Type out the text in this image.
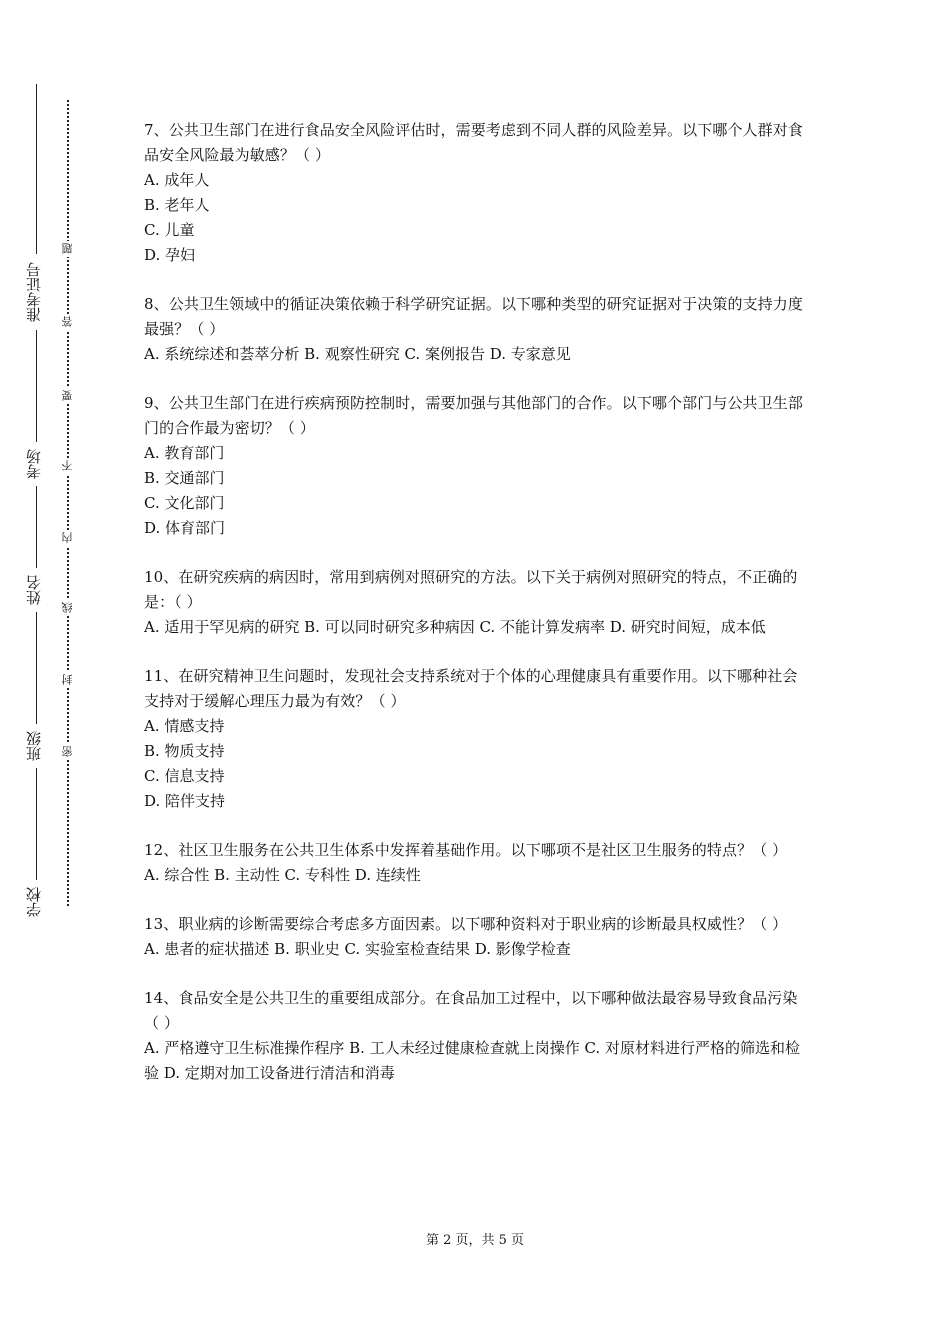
准考证号
考场
姓名
班级
学校
题
答
要
不
内
线
封
密

7、公共卫生部门在进行食品安全风险评估时，需要考虑到不同人群的风险差异。以下哪个人群对食品安全风险最为敏感？（ ）

A. 成年人

B. 老年人

C. 儿童

D. 孕妇

8、公共卫生领域中的循证决策依赖于科学研究证据。以下哪种类型的研究证据对于决策的支持力度最强？（ ）

A. 系统综述和荟萃分析 B. 观察性研究 C. 案例报告 D. 专家意见

9、公共卫生部门在进行疾病预防控制时，需要加强与其他部门的合作。以下哪个部门与公共卫生部门的合作最为密切？（ ）

A. 教育部门

B. 交通部门

C. 文化部门

D. 体育部门

10、在研究疾病的病因时，常用到病例对照研究的方法。以下关于病例对照研究的特点，不正确的是：（ ）

A. 适用于罕见病的研究 B. 可以同时研究多种病因 C. 不能计算发病率 D. 研究时间短，成本低

11、在研究精神卫生问题时，发现社会支持系统对于个体的心理健康具有重要作用。以下哪种社会支持对于缓解心理压力最为有效？（ ）

A. 情感支持

B. 物质支持

C. 信息支持

D. 陪伴支持

12、社区卫生服务在公共卫生体系中发挥着基础作用。以下哪项不是社区卫生服务的特点？（ ）

A. 综合性 B. 主动性 C. 专科性 D. 连续性

13、职业病的诊断需要综合考虑多方面因素。以下哪种资料对于职业病的诊断最具权威性？（ ）

A. 患者的症状描述 B. 职业史 C. 实验室检查结果 D. 影像学检查

14、食品安全是公共卫生的重要组成部分。在食品加工过程中，以下哪种做法最容易导致食品污染（ ）

A. 严格遵守卫生标准操作程序 B. 工人未经过健康检查就上岗操作 C. 对原材料进行严格的筛选和检验 D. 定期对加工设备进行清洁和消毒

第 2 页，共 5 页
